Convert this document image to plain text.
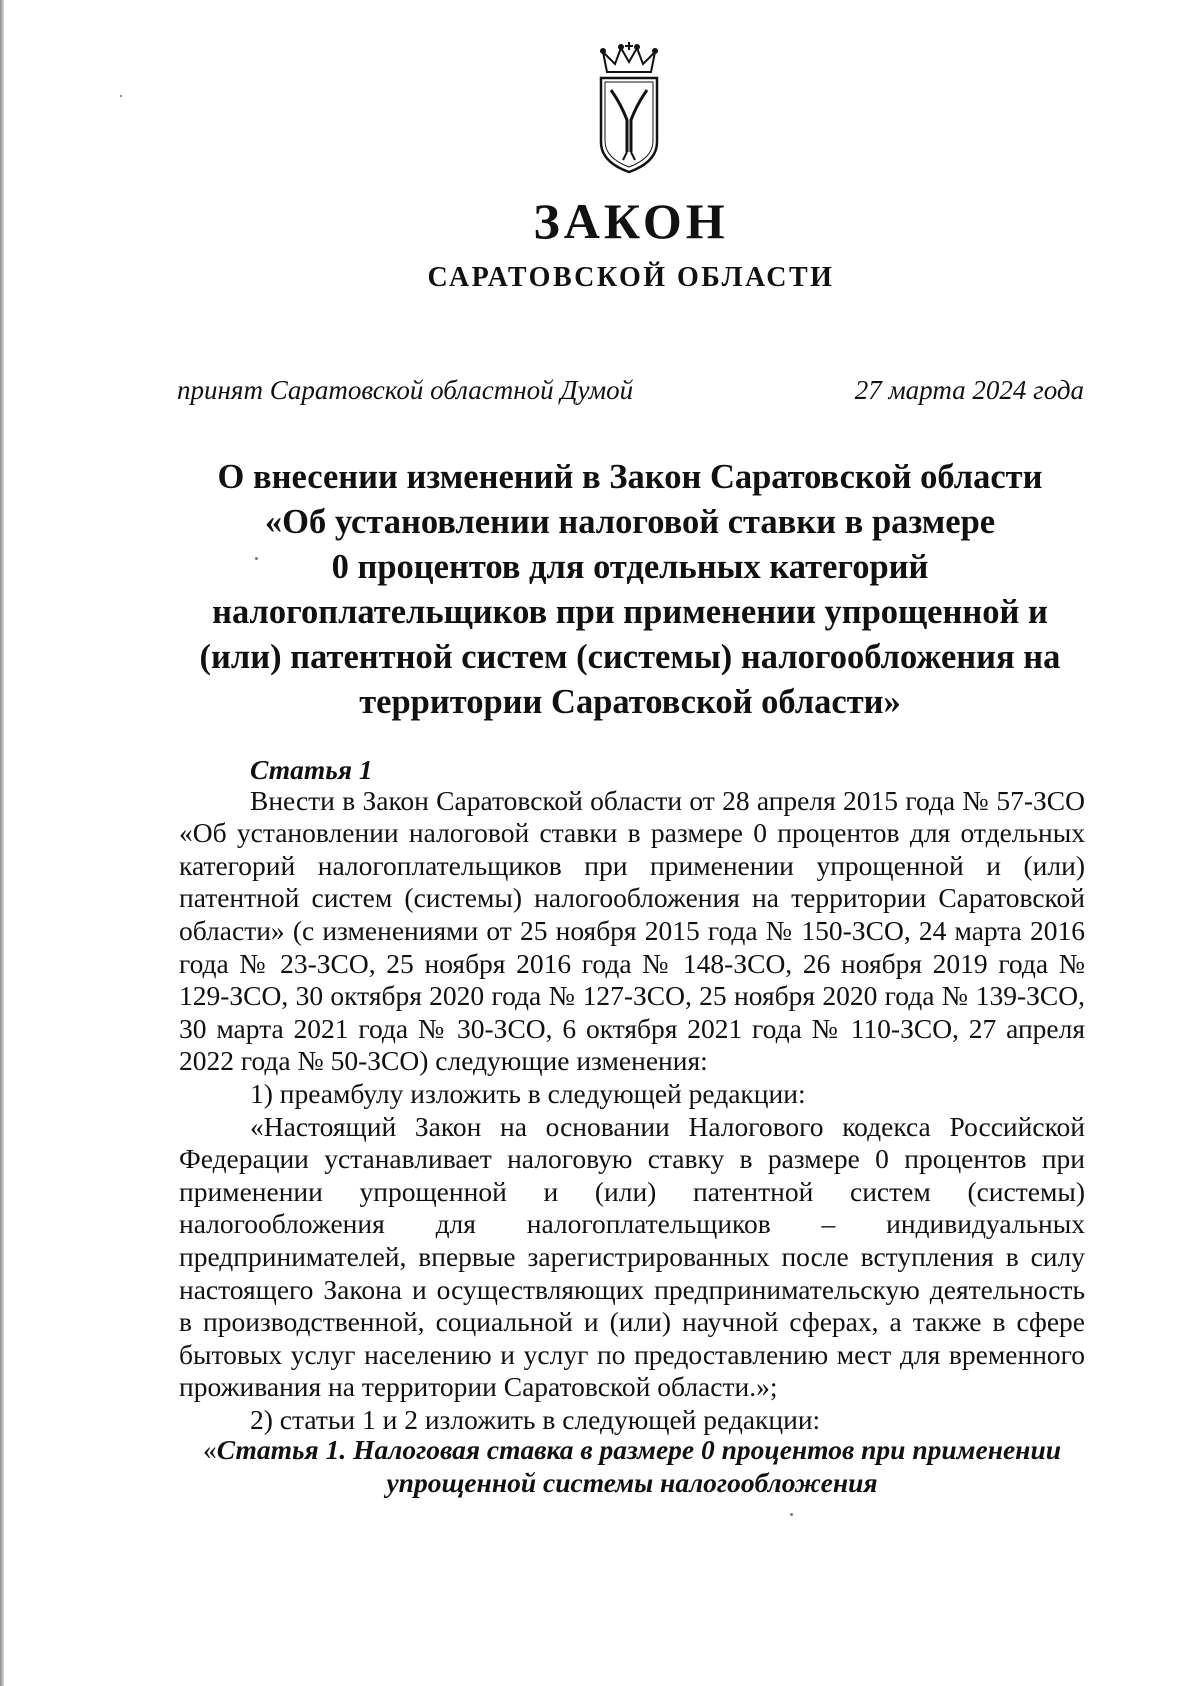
ЗАКОН
САРАТОВСКОЙ ОБЛАСТИ
принят Саратовской областной Думой	27 марта 2024 года
О внесении изменений в Закон Саратовской области
«Об установлении налоговой ставки в размере
0 процентов для отдельных категорий
налогоплательщиков при применении упрощенной и
(или) патентной систем (системы) налогообложения на
территории Саратовской области»
Статья 1

Внести в Закон Саратовской области от 28 апреля 2015 года № 57-ЗСО «Об установлении налоговой ставки в размере 0 процентов для отдельных категорий налогоплательщиков при применении упрощенной и (или) патентной систем (системы) налогообложения на территории Саратовской области» (с изменениями от 25 ноября 2015 года № 150-ЗСО, 24 марта 2016 года № 23-ЗСО, 25 ноября 2016 года № 148-ЗСО, 26 ноября 2019 года № 129-ЗСО, 30 октября 2020 года № 127-ЗСО, 25 ноября 2020 года № 139-ЗСО, 30 марта 2021 года № 30-ЗСО, 6 октября 2021 года № 110-ЗСО, 27 апреля 2022 года № 50-ЗСО) следующие изменения:

1) преамбулу изложить в следующей редакции:

«Настоящий Закон на основании Налогового кодекса Российской Федерации устанавливает налоговую ставку в размере 0 процентов при применении упрощенной и (или) патентной систем (системы) налогообложения для налогоплательщиков – индивидуальных предпринимателей, впервые зарегистрированных после вступления в силу настоящего Закона и осуществляющих предпринимательскую деятельность в производственной, социальной и (или) научной сферах, а также в сфере бытовых услуг населению и услуг по предоставлению мест для временного проживания на территории Саратовской области.»;

2) статьи 1 и 2 изложить в следующей редакции:

«Статья 1. Налоговая ставка в размере 0 процентов при применении
упрощенной системы налогообложения
